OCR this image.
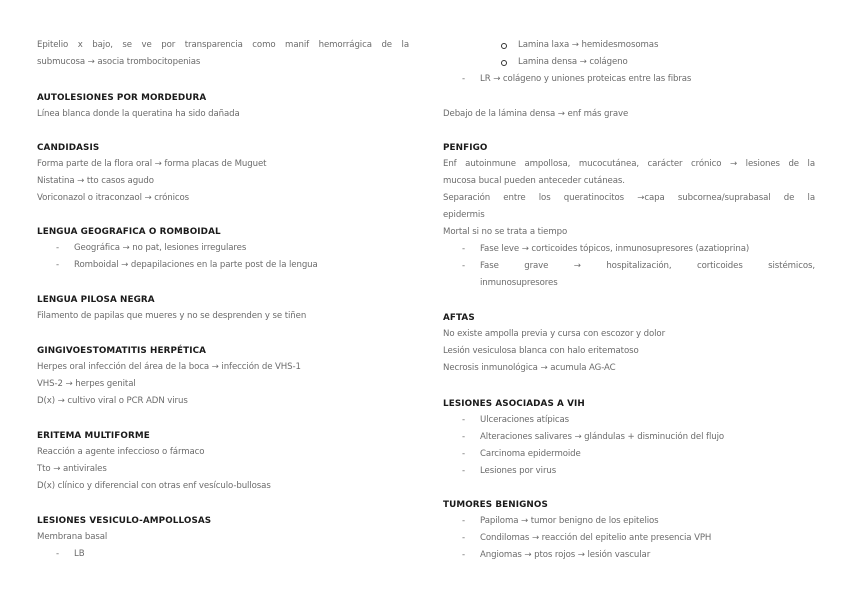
Epitelio x bajo, se ve por transparencia como manif hemorrágica de la
submucosa → asocia trombocitopenias
AUTOLESIONES POR MORDEDURA
Línea blanca donde la queratina ha sido dañada
CANDIDASIS
Forma parte de la flora oral → forma placas de Muguet
Nistatina → tto casos agudo
Voriconazol o itraconzaol → crónicos
LENGUA GEOGRAFICA O ROMBOIDAL
- Geográfica → no pat, lesiones irregulares
- Romboidal → depapilaciones en la parte post de la lengua
LENGUA PILOSA NEGRA
Filamento de papilas que mueres y no se desprenden y se tiñen
GINGIVOESTOMATITIS HERPÉTICA
Herpes oral infección del área de la boca → infección de VHS-1
VHS-2 → herpes genital
D(x) → cultivo viral o PCR ADN virus
ERITEMA MULTIFORME
Reacción a agente infeccioso o fármaco
Tto → antivirales
D(x) clínico y diferencial con otras enf vesículo-bullosas
LESIONES VESICULO-AMPOLLOSAS
Membrana basal
- LB
Lamina laxa → hemidesmosomas
Lamina densa → colágeno
- LR → colágeno y uniones proteicas entre las fibras
Debajo de la lámina densa → enf más grave
PENFIGO
Enf autoinmune ampollosa, mucocutánea, carácter crónico → lesiones de la
mucosa bucal pueden anteceder cutáneas.
Separación entre los queratinocitos →capa subcornea/suprabasal de la
epidermis
Mortal si no se trata a tiempo
- Fase leve → corticoides tópicos, inmunosupresores (azatioprina)
- Fase grave → hospitalización, corticoides sistémicos,
inmunosupresores
AFTAS
No existe ampolla previa y cursa con escozor y dolor
Lesión vesiculosa blanca con halo eritematoso
Necrosis inmunológica → acumula AG-AC
LESIONES ASOCIADAS A VIH
- Ulceraciones atípicas
- Alteraciones salivares → glándulas + disminución del flujo
- Carcinoma epidermoide
- Lesiones por virus
TUMORES BENIGNOS
- Papiloma → tumor benigno de los epitelios
- Condilomas → reacción del epitelio ante presencia VPH
- Angiomas → ptos rojos → lesión vascular
